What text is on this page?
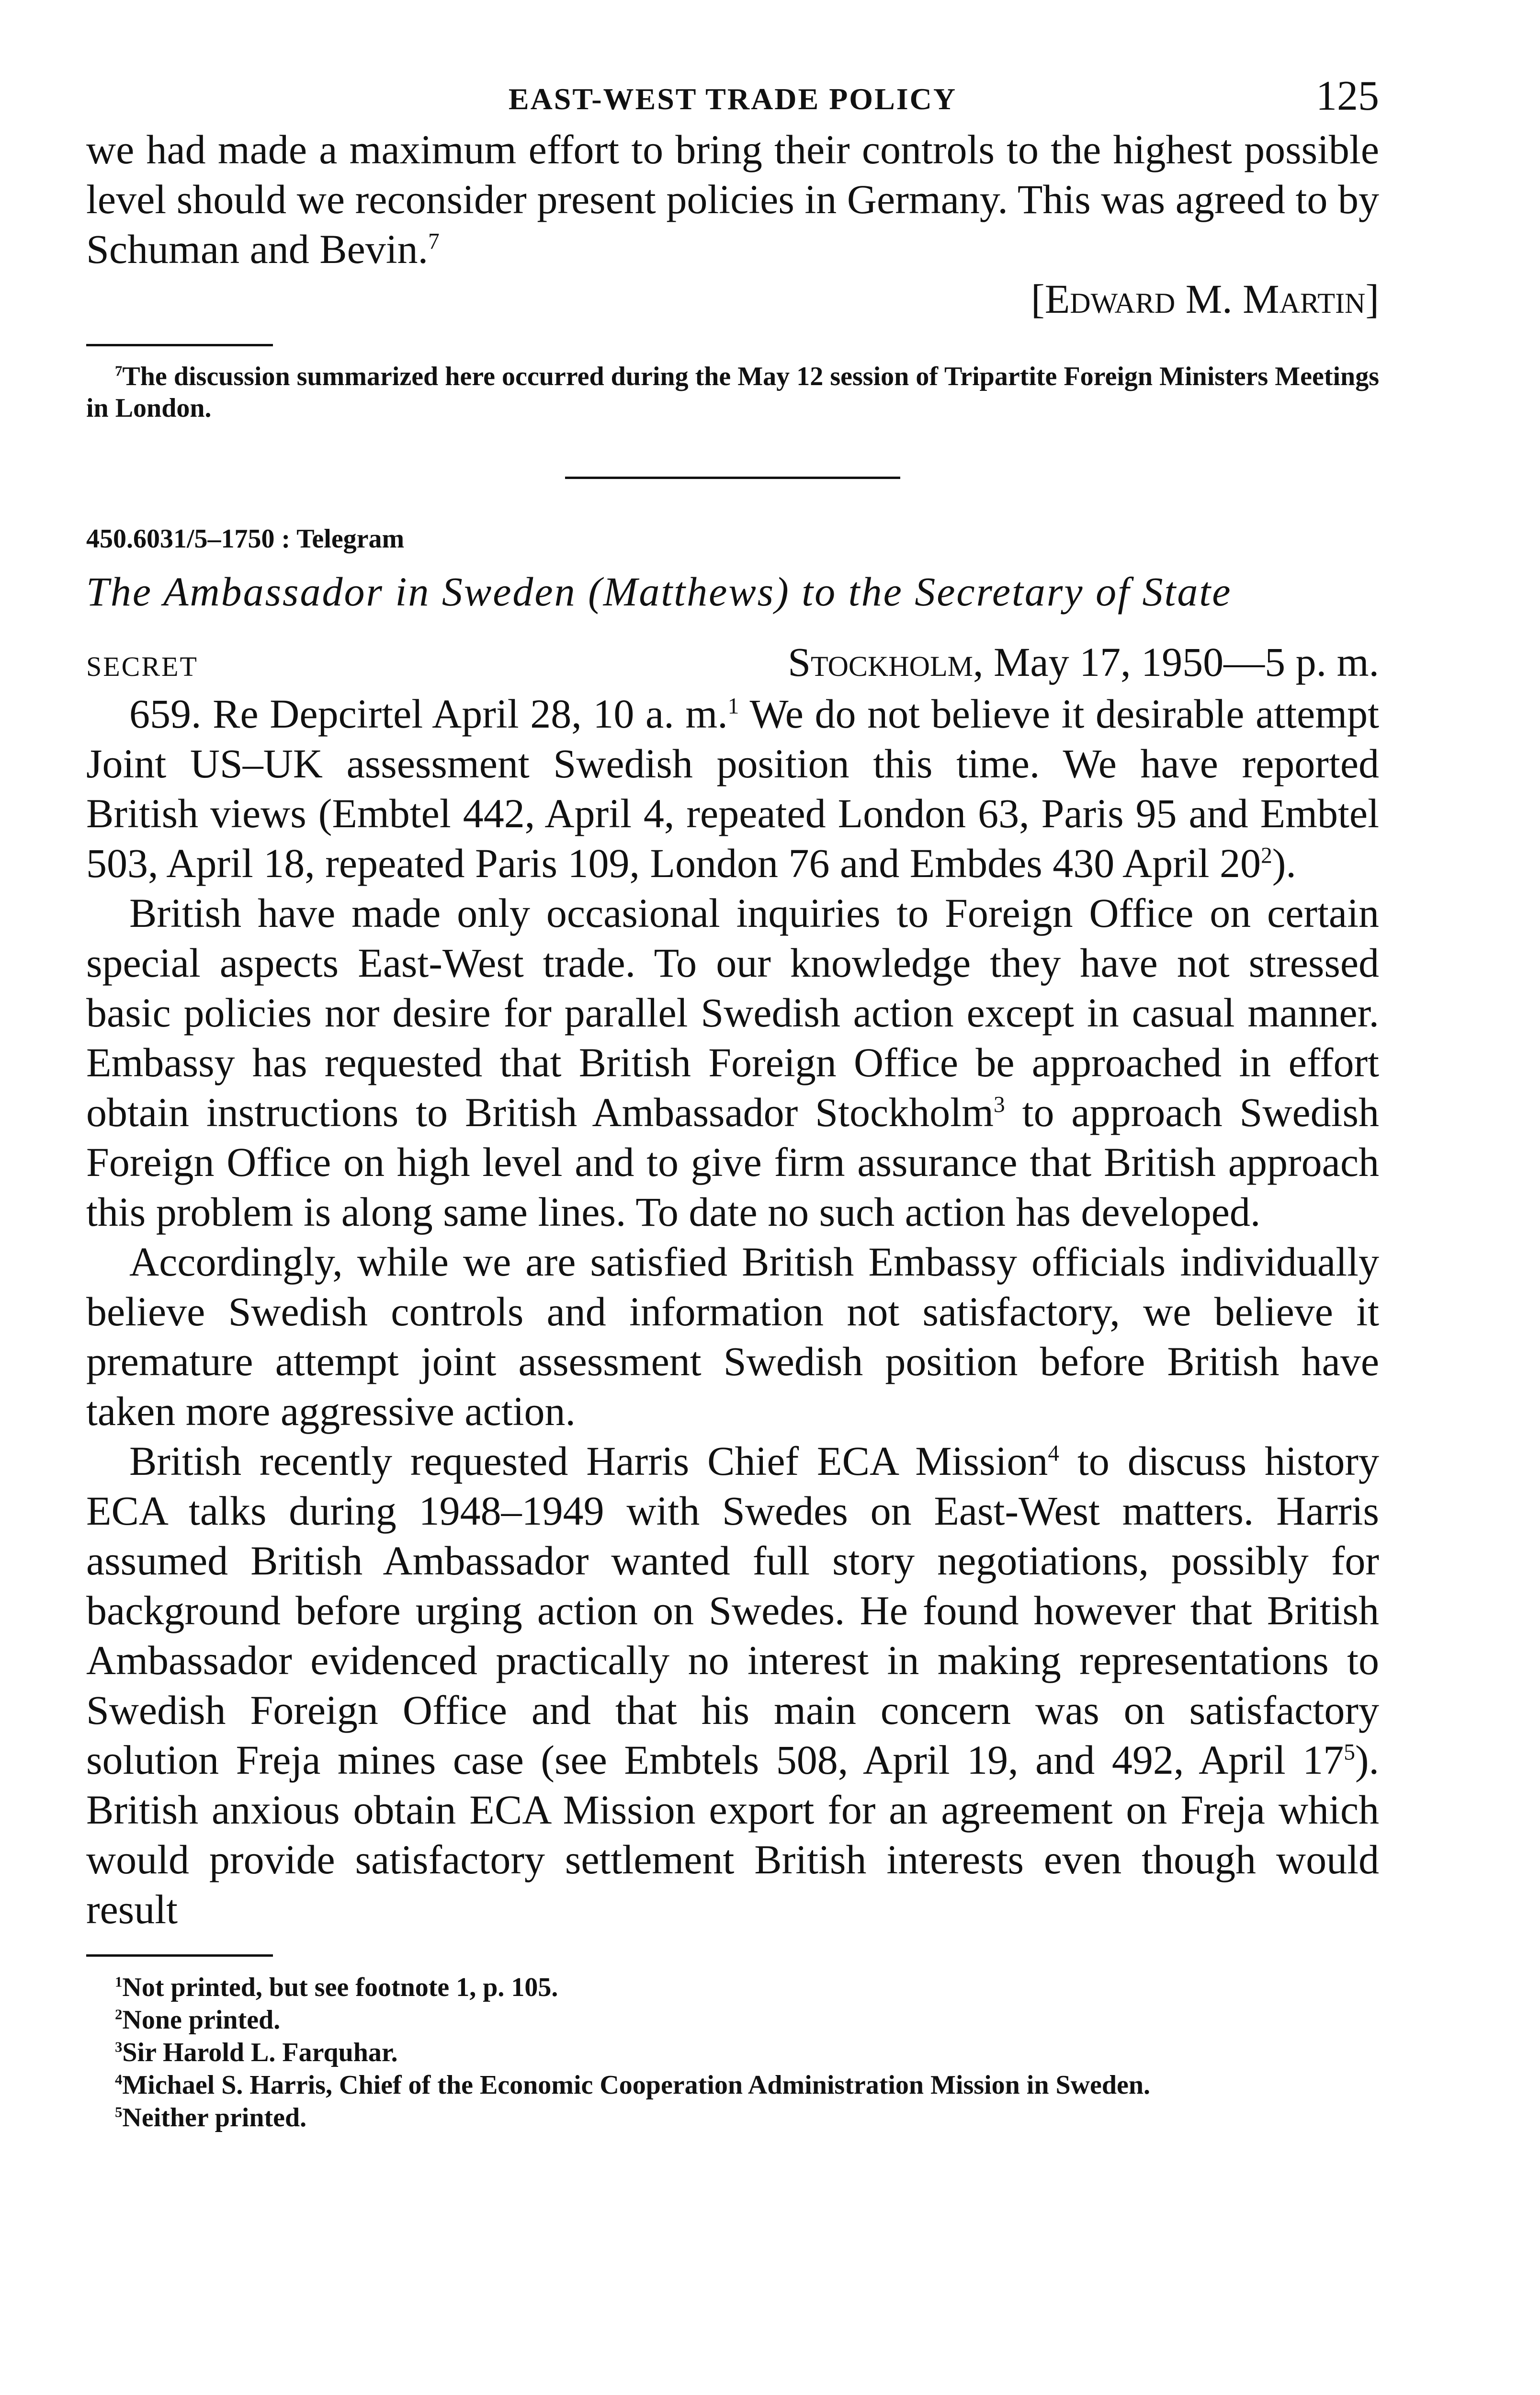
EAST-WEST TRADE POLICY	125

we had made a maximum effort to bring their controls to the highest possible level should we reconsider present policies in Germany. This was agreed to by Schuman and Bevin.$^7$

[Edward M. Martin]

$^7$The discussion summarized here occurred during the May 12 session of Tripartite Foreign Ministers Meetings in London.

450.6031/5–1750 : Telegram

The Ambassador in Sweden (Matthews) to the Secretary of State

SECRET	Stockholm, May 17, 1950—5 p. m.

659. Re Depcirtel April 28, 10 a. m.$^1$ We do not believe it desirable attempt Joint US–UK assessment Swedish position this time. We have reported British views (Embtel 442, April 4, repeated London 63, Paris 95 and Embtel 503, April 18, repeated Paris 109, London 76 and Embdes 430 April $20^2$).

British have made only occasional inquiries to Foreign Office on certain special aspects East-West trade. To our knowledge they have not stressed basic policies nor desire for parallel Swedish action except in casual manner. Embassy has requested that British Foreign Office be approached in effort obtain instructions to British Ambassador Stockholm$^3$ to approach Swedish Foreign Office on high level and to give firm assurance that British approach this problem is along same lines. To date no such action has developed.

Accordingly, while we are satisfied British Embassy officials individually believe Swedish controls and information not satisfactory, we believe it premature attempt joint assessment Swedish position before British have taken more aggressive action.

British recently requested Harris Chief ECA Mission$^4$ to discuss history ECA talks during 1948–1949 with Swedes on East-West matters. Harris assumed British Ambassador wanted full story negotiations, possibly for background before urging action on Swedes. He found however that British Ambassador evidenced practically no interest in making representations to Swedish Foreign Office and that his main concern was on satisfactory solution Freja mines case (see Embtels 508, April 19, and 492, April $17^5$). British anxious obtain ECA Mission export for an agreement on Freja which would provide satisfactory settlement British interests even though would result

$^1$Not printed, but see footnote 1, p. 105.

$^2$None printed.

$^3$Sir Harold L. Farquhar.

$^4$Michael S. Harris, Chief of the Economic Cooperation Administration Mission in Sweden.

$^5$Neither printed.
